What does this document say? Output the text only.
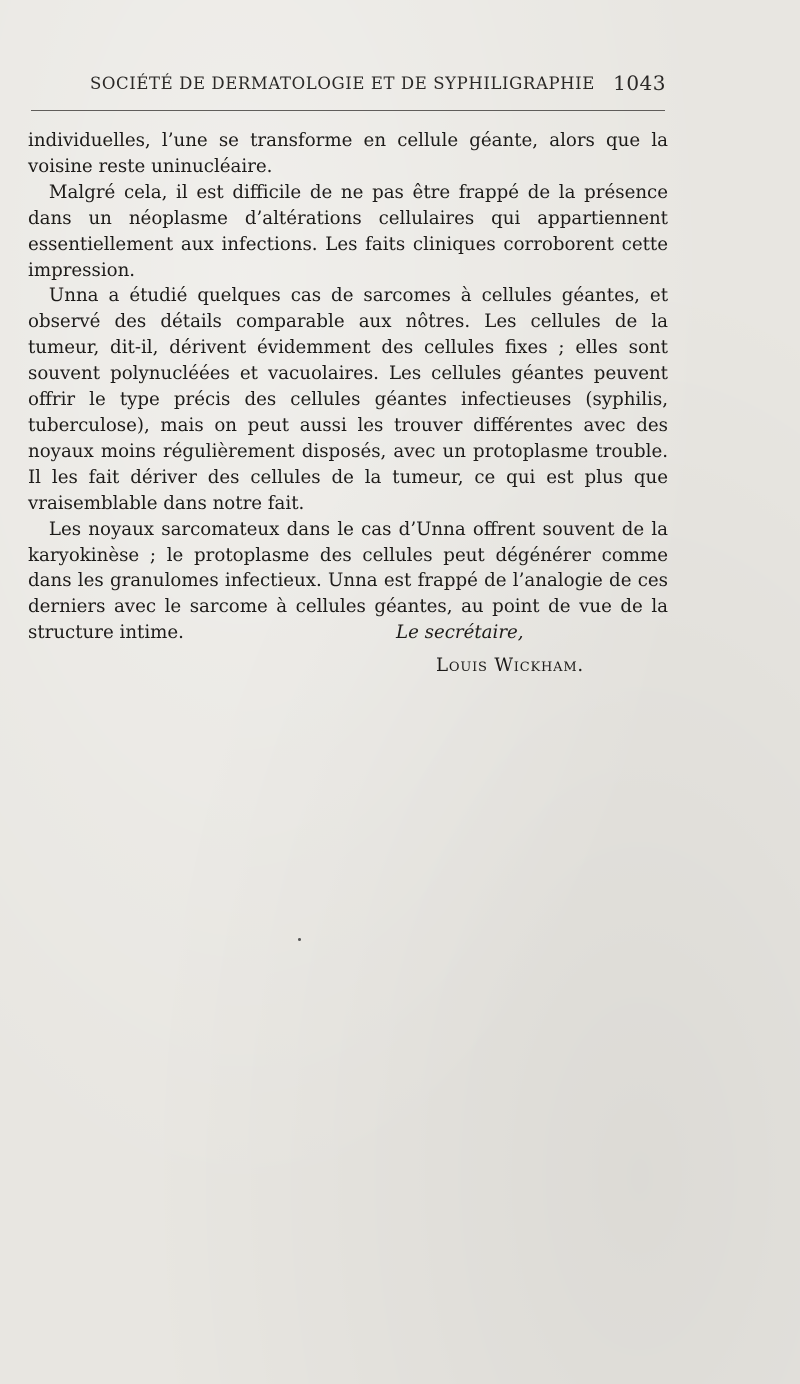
SOCIÉTÉ DE DERMATOLOGIE ET DE SYPHILIGRAPHIE 1043

individuelles, l’une se transforme en cellule géante, alors que la voisine reste uninucléaire.

Malgré cela, il est difficile de ne pas être frappé de la présence dans un néoplasme d’altérations cellulaires qui appartiennent essentiellement aux infections. Les faits cliniques corroborent cette impression.

Unna a étudié quelques cas de sarcomes à cellules géantes, et observé des détails comparable aux nôtres. Les cellules de la tumeur, dit-il, dérivent évidemment des cellules fixes ; elles sont souvent polynucléées et vacuolaires. Les cellules géantes peuvent offrir le type précis des cellules géantes infectieuses (syphilis, tuberculose), mais on peut aussi les trouver différentes avec des noyaux moins régulièrement disposés, avec un protoplasme trouble. Il les fait dériver des cellules de la tumeur, ce qui est plus que vraisemblable dans notre fait.

Les noyaux sarcomateux dans le cas d’Unna offrent souvent de la karyokinèse ; le protoplasme des cellules peut dégénérer comme dans les granulomes infectieux. Unna est frappé de l’analogie de ces derniers avec le sarcome à cellules géantes, au point de vue de la structure intime.	Le secrétaire,
Louis Wickham.
